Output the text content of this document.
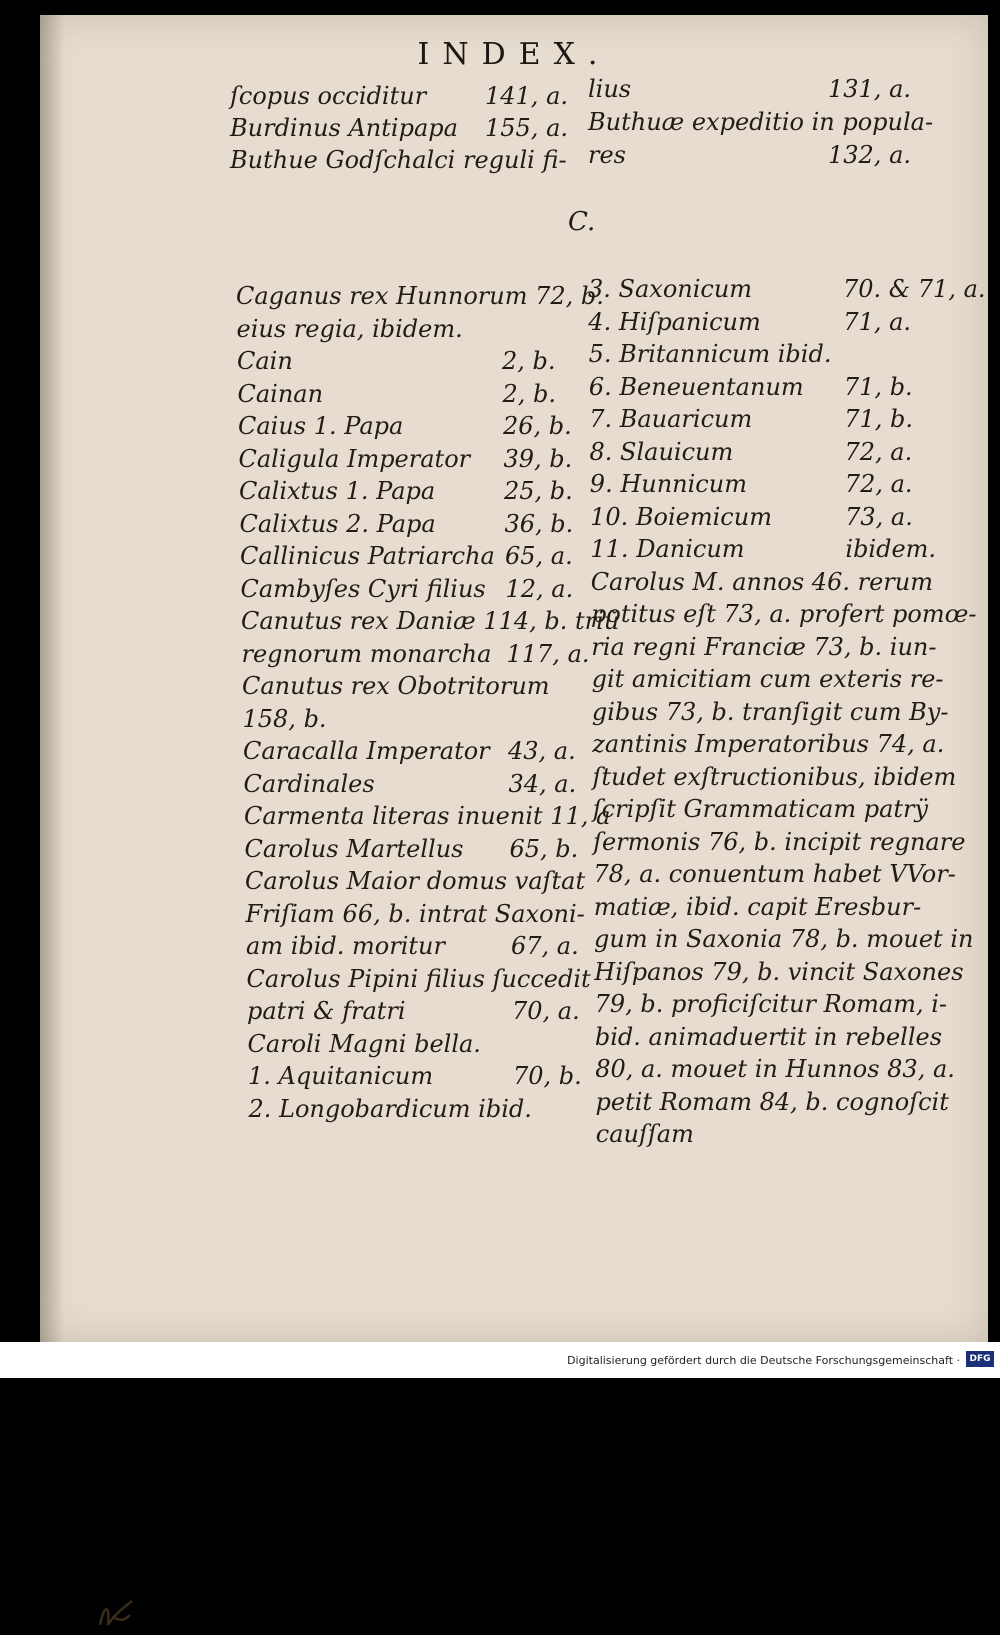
INDEX.
ſcopus occiditur 141, a.
Burdinus Antipapa 155, a.
Buthue Godſchalci reguli fi-
lius	131, a.
Buthuæ expeditio in popula-
res	132, a.
C.
Caganus rex Hunnorum 72, b.
eius regia, ibidem.
Cain	2, b.
Cainan	2, b.
Caius 1. Papa	26, b.
Caligula Imperator 39, b.
Calixtus 1. Papa	25, b.
Calixtus 2. Papa	36, b.
Callinicus Patriarcha 65, a.
Cambyſes Cyri filius 12, a.
Canutus rex Daniæ 114, b. triũ
regnorum monarcha 117, a.
Canutus rex Obotritorum
158, b.
Caracalla Imperator 43, a.
Cardinales	34, a.
Carmenta literas inuenit 11, a
Carolus Martellus 65, b.
Carolus Maior domus vaſtat
Friſiam 66, b. intrat Saxoni-
am ibid. moritur	67, a.
Carolus Pipini filius ſuccedit
patri & fratri	70, a.
Caroli Magni bella.
1. Aquitanicum	70, b.
2. Longobardicum ibid.
3. Saxonicum	70. & 71, a.
4. Hiſpanicum	71, a.
5. Britannicum ibid.
6. Beneuentanum 71, b.
7. Bauaricum	71, b.
8. Slauicum	72, a.
9. Hunnicum	72, a.
10. Boiemicum	73, a.
11. Danicum	ibidem.
Carolus M. annos 46. rerum
potitus eſt 73, a. profert pomœ-
ria regni Franciæ 73, b. iun-
git amicitiam cum exteris re-
gibus 73, b. tranſigit cum By-
zantinis Imperatoribus 74, a.
ſtudet exſtructionibus, ibidem
ſcripſit Grammaticam patrÿ
ſermonis 76, b. incipit regnare
78, a. conuentum habet VVor-
matiæ, ibid. capit Eresbur-
gum in Saxonia 78, b. mouet in
Hiſpanos 79, b. vincit Saxones
79, b. proficiſcitur Romam, i-
bid. animaduertit in rebelles
80, a. mouet in Hunnos 83, a.
petit Romam 84, b. cognoſcit
cauſſam
Digitalisierung gefördert durch die Deutsche Forschungsgemeinschaft ·	DFG
